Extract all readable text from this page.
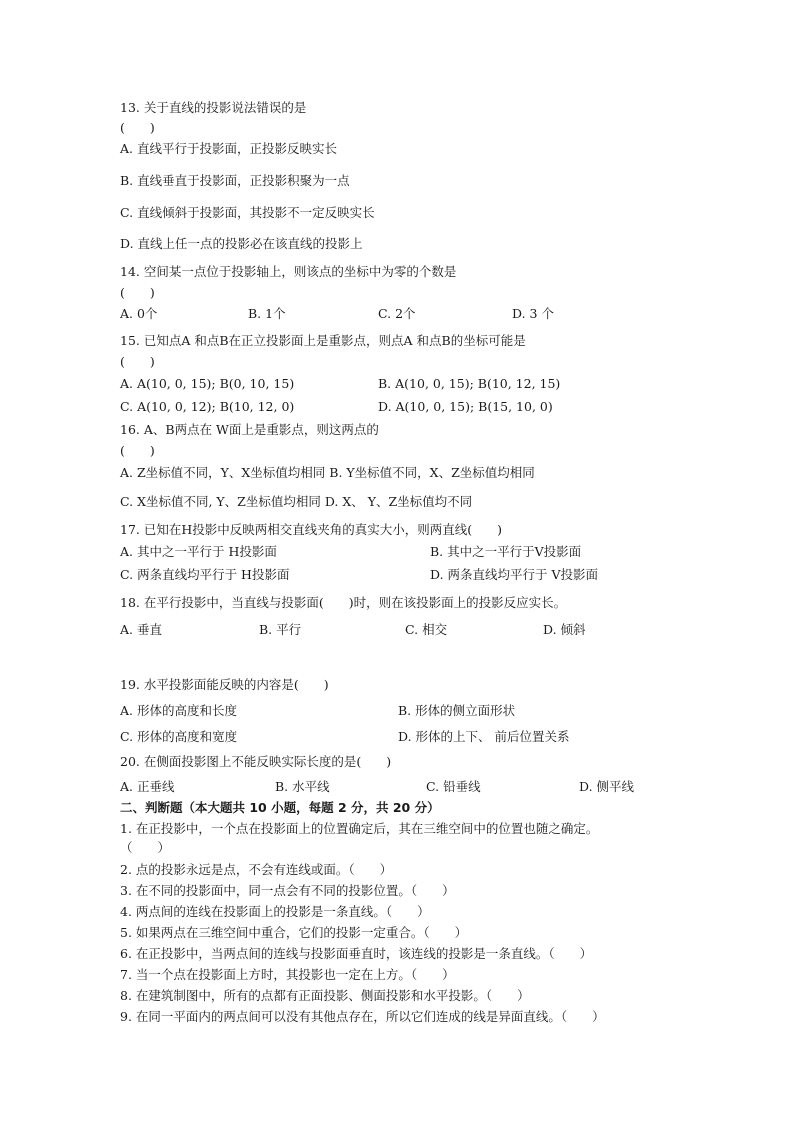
13. 关于直线的投影说法错误的是
(　　)
A. 直线平行于投影面，正投影反映实长
B. 直线垂直于投影面，正投影积聚为一点
C. 直线倾斜于投影面，其投影不一定反映实长
D. 直线上任一点的投影必在该直线的投影上
14. 空间某一点位于投影轴上，则该点的坐标中为零的个数是
(　　)
A. 0个	B. 1个	C. 2个	D. 3 个
15. 已知点A 和点B在正立投影面上是重影点，则点A 和点B的坐标可能是
(　　)
A. A(10, 0, 15); B(0, 10, 15)	B. A(10, 0, 15); B(10, 12, 15)
C. A(10, 0, 12); B(10, 12, 0)	D. A(10, 0, 15); B(15, 10, 0)
16. A、B两点在 W面上是重影点，则这两点的
(　　)
A. Z坐标值不同，Y、X坐标值均相同 B. Y坐标值不同，X、Z坐标值均相同
C. X坐标值不同, Y、Z坐标值均相同 D. X、 Y、Z坐标值均不同
17. 已知在H投影中反映两相交直线夹角的真实大小，则两直线(　　)
A. 其中之一平行于 H投影面	B. 其中之一平行于V投影面
C. 两条直线均平行于 H投影面	D. 两条直线均平行于 V投影面
18. 在平行投影中，当直线与投影面(　　)时，则在该投影面上的投影反应实长。
A. 垂直	B. 平行	C. 相交	D. 倾斜
19. 水平投影面能反映的内容是(　　)
A. 形体的高度和长度	B. 形体的侧立面形状
C. 形体的高度和宽度	D. 形体的上下、 前后位置关系
20. 在侧面投影图上不能反映实际长度的是(　　)
A. 正垂线	B. 水平线	C. 铅垂线	D. 侧平线
二、判断题（本大题共 10 小题，每题 2 分，共 20 分）
1. 在正投影中，一个点在投影面上的位置确定后，其在三维空间中的位置也随之确定。
（　　）
2. 点的投影永远是点，不会有连线或面。（　　）
3. 在不同的投影面中，同一点会有不同的投影位置。（　　）
4. 两点间的连线在投影面上的投影是一条直线。（　　）
5. 如果两点在三维空间中重合，它们的投影一定重合。（　　）
6. 在正投影中，当两点间的连线与投影面垂直时，该连线的投影是一条直线。（　　）
7. 当一个点在投影面上方时，其投影也一定在上方。（　　）
8. 在建筑制图中，所有的点都有正面投影、侧面投影和水平投影。（　　）
9. 在同一平面内的两点间可以没有其他点存在，所以它们连成的线是异面直线。（　　）
